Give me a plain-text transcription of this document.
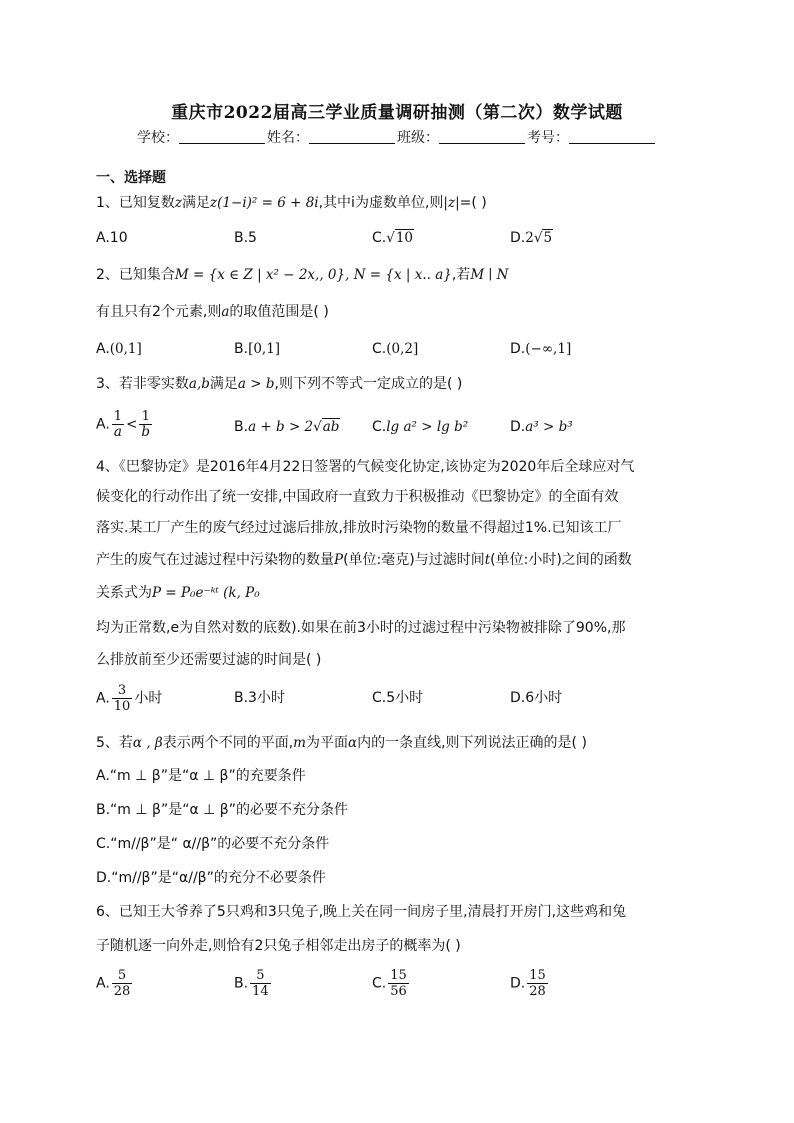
重庆市2022届高三学业质量调研抽测（第二次）数学试题
学校：	姓名：	班级：	考号：
一、选择题
1、已知复数z满足z(1−i)² = 6 + 8i,其中i为虚数单位,则|z|=( )
A.10	B.5	C.√10	D.2√5
2、已知集合M = {x ∈ Z | x² − 2x,, 0}, N = {x | x.. a},若M ∣ N
有且只有2个元素,则a的取值范围是( )
A.(0,1]	B.[0,1]	C.(0,2]	D.(−∞,1]
3、若非零实数a,b满足a > b,则下列不等式一定成立的是( )
A. $\frac{1}{a} < \frac{1}{b}$	B.a + b > 2√ab C.lg a² > lg b²	D.a³ > b³
4、《巴黎协定》是2016年4月22日签署的气候变化协定,该协定为2020年后全球应对气
候变化的行动作出了统一安排,中国政府一直致力于积极推动《巴黎协定》的全面有效
落实.某工厂产生的废气经过过滤后排放,排放时污染物的数量不得超过1%.已知该工厂
产生的废气在过滤过程中污染物的数量P(单位:毫克)与过滤时间t(单位:小时)之间的函数
关系式为P = P₀e⁻ᵏᵗ (k, P₀
均为正常数,e为自然对数的底数).如果在前3小时的过滤过程中污染物被排除了90%,那
么排放前至少还需要过滤的时间是( )
A. $\frac{3}{10}$ 小时	B.3小时	C.5小时	D.6小时
5、若α , β表示两个不同的平面,m为平面α内的一条直线,则下列说法正确的是( )
A.“m ⊥ β”是“α ⊥ β”的充要条件
B.“m ⊥ β”是“α ⊥ β”的必要不充分条件
C.“m//β”是“ α//β”的必要不充分条件
D.“m//β”是“α//β”的充分不必要条件
6、已知王大爷养了5只鸡和3只兔子,晚上关在同一间房子里,清晨打开房门,这些鸡和兔
子随机逐一向外走,则恰有2只兔子相邻走出房子的概率为( )
A. $\frac{5}{28}$	B. $\frac{5}{14}$	C. $\frac{15}{56}$	D. $\frac{15}{28}$
